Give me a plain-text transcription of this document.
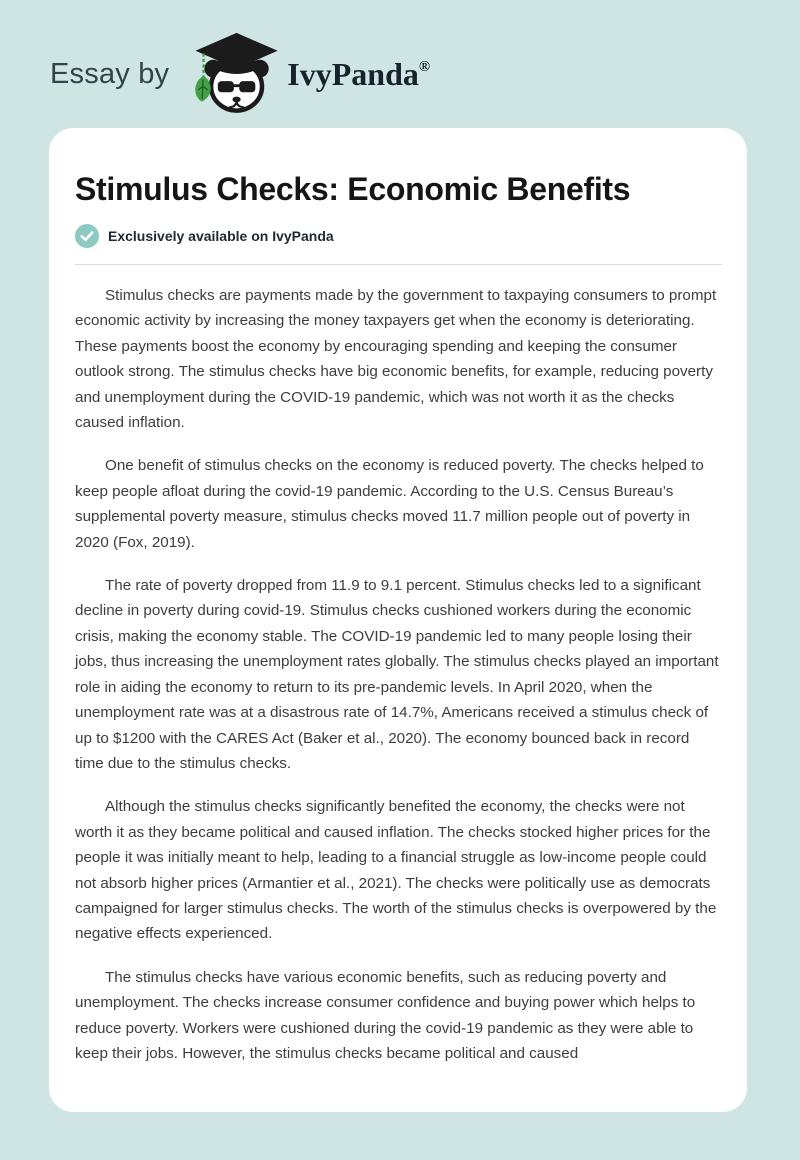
Essay by	IvyPanda®
Stimulus Checks: Economic Benefits
Exclusively available on IvyPanda

Stimulus checks are payments made by the government to taxpaying consumers to prompt economic activity by increasing the money taxpayers get when the economy is deteriorating. These payments boost the economy by encouraging spending and keeping the consumer outlook strong. The stimulus checks have big economic benefits, for example, reducing poverty and unemployment during the COVID-19 pandemic, which was not worth it as the checks caused inflation.

One benefit of stimulus checks on the economy is reduced poverty. The checks helped to keep people afloat during the covid-19 pandemic. According to the U.S. Census Bureau’s supplemental poverty measure, stimulus checks moved 11.7 million people out of poverty in 2020 (Fox, 2019).

The rate of poverty dropped from 11.9 to 9.1 percent. Stimulus checks led to a significant decline in poverty during covid-19. Stimulus checks cushioned workers during the economic crisis, making the economy stable. The COVID-19 pandemic led to many people losing their jobs, thus increasing the unemployment rates globally. The stimulus checks played an important role in aiding the economy to return to its pre-pandemic levels. In April 2020, when the unemployment rate was at a disastrous rate of 14.7%, Americans received a stimulus check of up to $1200 with the CARES Act (Baker et al., 2020). The economy bounced back in record time due to the stimulus checks.

Although the stimulus checks significantly benefited the economy, the checks were not worth it as they became political and caused inflation. The checks stocked higher prices for the people it was initially meant to help, leading to a financial struggle as low-income people could not absorb higher prices (Armantier et al., 2021). The checks were politically use as democrats campaigned for larger stimulus checks. The worth of the stimulus checks is overpowered by the negative effects experienced.

The stimulus checks have various economic benefits, such as reducing poverty and unemployment. The checks increase consumer confidence and buying power which helps to reduce poverty. Workers were cushioned during the covid-19 pandemic as they were able to keep their jobs. However, the stimulus checks became political and caused
